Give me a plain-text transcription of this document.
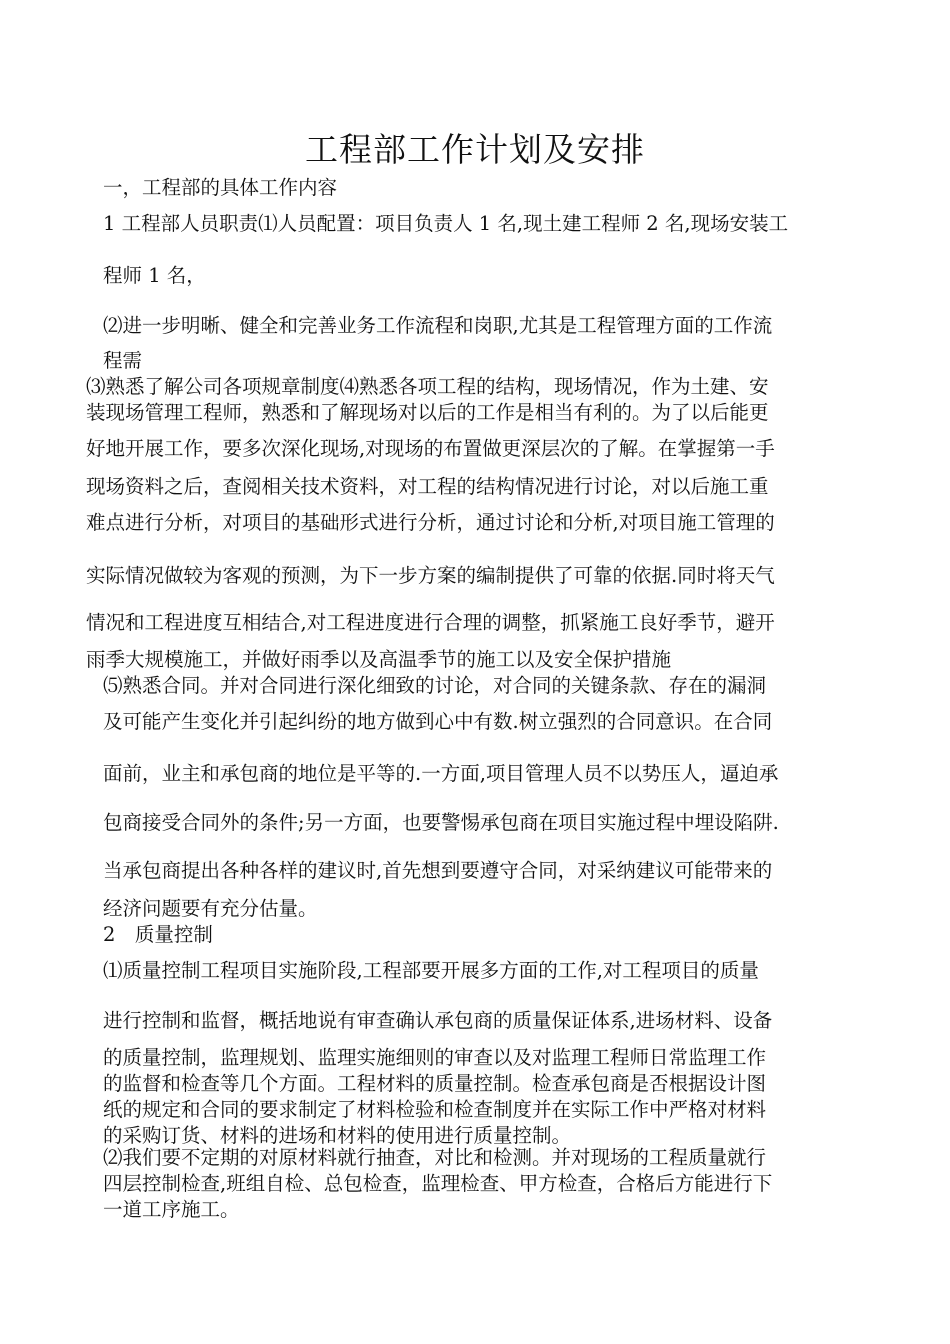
工程部工作计划及安排
一，工程部的具体工作内容
1 工程部人员职责⑴人员配置：项目负责人 1 名,现土建工程师 2 名,现场安装工
程师 1 名，
⑵进一步明晰、健全和完善业务工作流程和岗职,尤其是工程管理方面的工作流
程需
⑶熟悉了解公司各项规章制度⑷熟悉各项工程的结构，现场情况，作为土建、安
装现场管理工程师，熟悉和了解现场对以后的工作是相当有利的。为了以后能更
好地开展工作，要多次深化现场,对现场的布置做更深层次的了解。在掌握第一手
现场资料之后，查阅相关技术资料，对工程的结构情况进行讨论，对以后施工重
难点进行分析，对项目的基础形式进行分析，通过讨论和分析,对项目施工管理的
实际情况做较为客观的预测，为下一步方案的编制提供了可靠的依据.同时将天气
情况和工程进度互相结合,对工程进度进行合理的调整，抓紧施工良好季节，避开
雨季大规模施工，并做好雨季以及高温季节的施工以及安全保护措施
⑸熟悉合同。并对合同进行深化细致的讨论，对合同的关键条款、存在的漏洞
及可能产生变化并引起纠纷的地方做到心中有数.树立强烈的合同意识。在合同
面前，业主和承包商的地位是平等的.一方面,项目管理人员不以势压人，逼迫承
包商接受合同外的条件;另一方面，也要警惕承包商在项目实施过程中埋设陷阱.
当承包商提出各种各样的建议时,首先想到要遵守合同，对采纳建议可能带来的
经济问题要有充分估量。
2　质量控制
⑴质量控制工程项目实施阶段,工程部要开展多方面的工作,对工程项目的质量
进行控制和监督，概括地说有审查确认承包商的质量保证体系,进场材料、设备
的质量控制，监理规划、监理实施细则的审查以及对监理工程师日常监理工作
的监督和检查等几个方面。工程材料的质量控制。检查承包商是否根据设计图
纸的规定和合同的要求制定了材料检验和检查制度并在实际工作中严格对材料
的采购订货、材料的进场和材料的使用进行质量控制。
⑵我们要不定期的对原材料就行抽查，对比和检测。并对现场的工程质量就行
四层控制检查,班组自检、总包检查，监理检查、甲方检查，合格后方能进行下
一道工序施工。
